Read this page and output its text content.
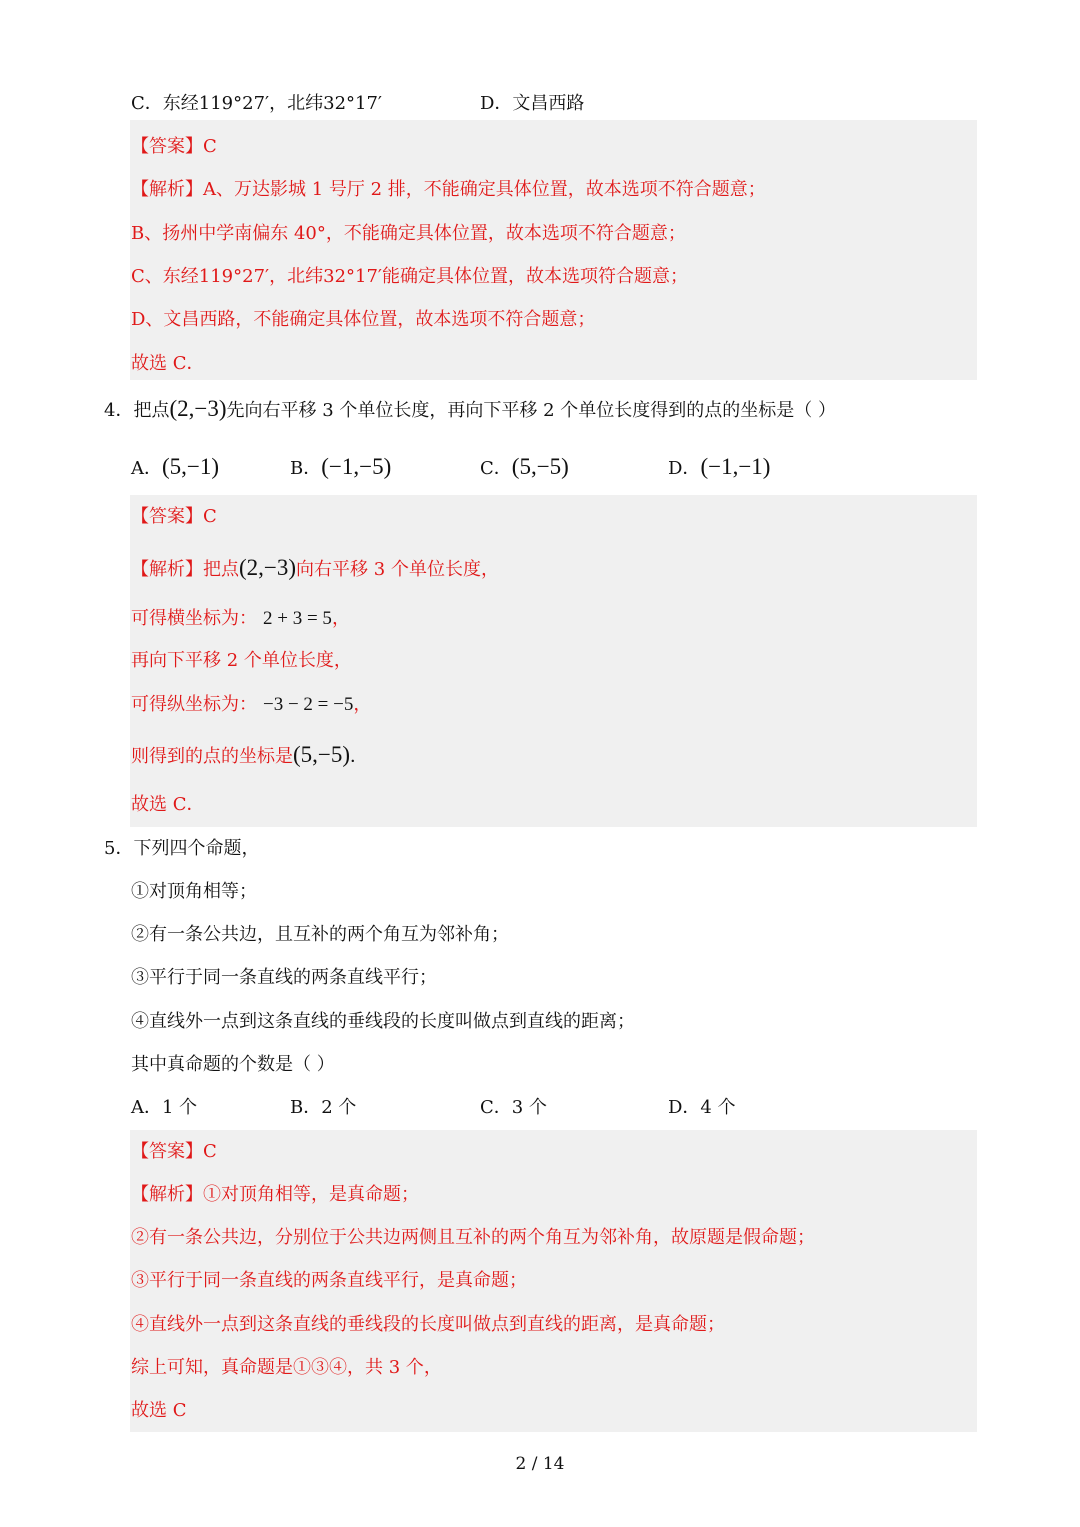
C．东经119°27′，北纬32°17′	D．文昌西路
【答案】C
【解析】A、万达影城 1 号厅 2 排，不能确定具体位置，故本选项不符合题意；
B、扬州中学南偏东 40°，不能确定具体位置，故本选项不符合题意；
C、东经119°27′，北纬32°17′能确定具体位置，故本选项符合题意；
D、文昌西路，不能确定具体位置，故本选项不符合题意；
故选 C．
4．把点(2,−3)先向右平移 3 个单位长度，再向下平移 2 个单位长度得到的点的坐标是（ ）
A．(5,−1)	B．(−1,−5)	C．(5,−5)	D．(−1,−1)
【答案】C
【解析】把点(2,−3)向右平移 3 个单位长度，
可得横坐标为： 2 + 3 = 5，
再向下平移 2 个单位长度，
可得纵坐标为： −3 − 2 = −5，
则得到的点的坐标是(5,−5)．
故选 C．
5．下列四个命题，
①对顶角相等；
②有一条公共边，且互补的两个角互为邻补角；
③平行于同一条直线的两条直线平行；
④直线外一点到这条直线的垂线段的长度叫做点到直线的距离；
其中真命题的个数是（ ）
A．1 个	B．2 个	C．3 个	D．4 个
【答案】C
【解析】①对顶角相等，是真命题；
②有一条公共边，分别位于公共边两侧且互补的两个角互为邻补角，故原题是假命题；
③平行于同一条直线的两条直线平行，是真命题；
④直线外一点到这条直线的垂线段的长度叫做点到直线的距离，是真命题；
综上可知，真命题是①③④，共 3 个，
故选 C
2 / 14
